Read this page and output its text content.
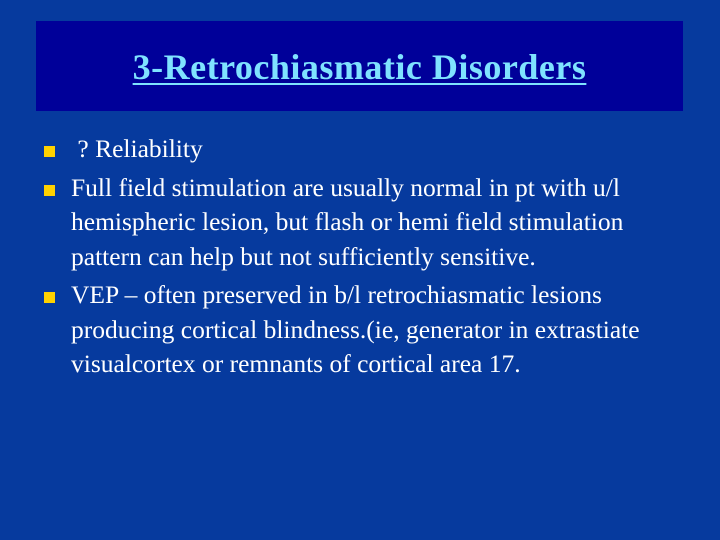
3-Retrochiasmatic Disorders
? Reliability
Full field stimulation are usually normal in pt with u/l hemispheric lesion, but flash or hemi field stimulation pattern can help but not sufficiently sensitive.
VEP – often preserved in b/l retrochiasmatic lesions producing cortical blindness.(ie, generator in extrastiate visualcortex or remnants of cortical area 17.
